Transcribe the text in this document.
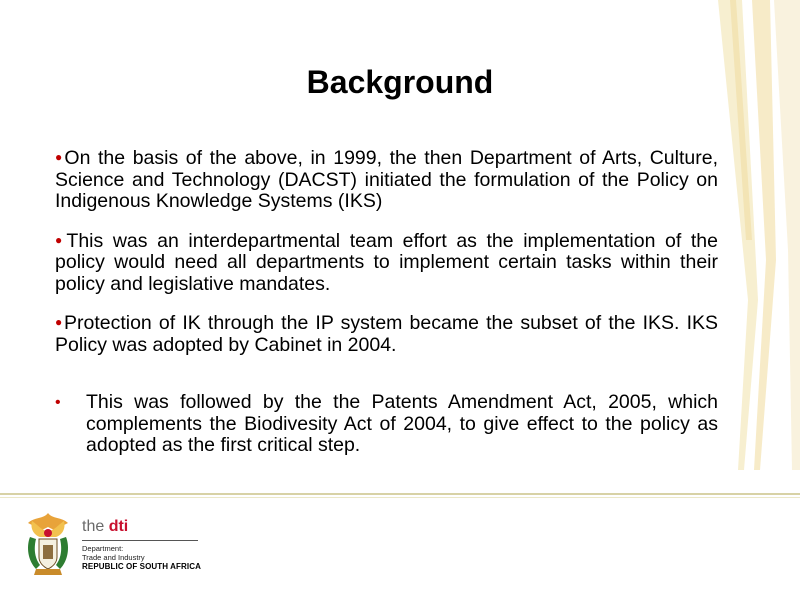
Background

●On the basis of the above, in 1999, the then Department of Arts, Culture, Science and Technology (DACST) initiated the formulation of the Policy on Indigenous Knowledge Systems (IKS)

●This was an interdepartmental team effort as the implementation of the policy would need all departments to implement certain tasks within their policy and legislative mandates.

●Protection of IK through the IP system became the subset of the IKS. IKS Policy was adopted by Cabinet in 2004.

• This was followed by the the Patents Amendment Act, 2005, which complements the Biodivesity Act of 2004, to give effect to the policy as adopted as the first critical step.
the dti
Department:
Trade and Industry
REPUBLIC OF SOUTH AFRICA
